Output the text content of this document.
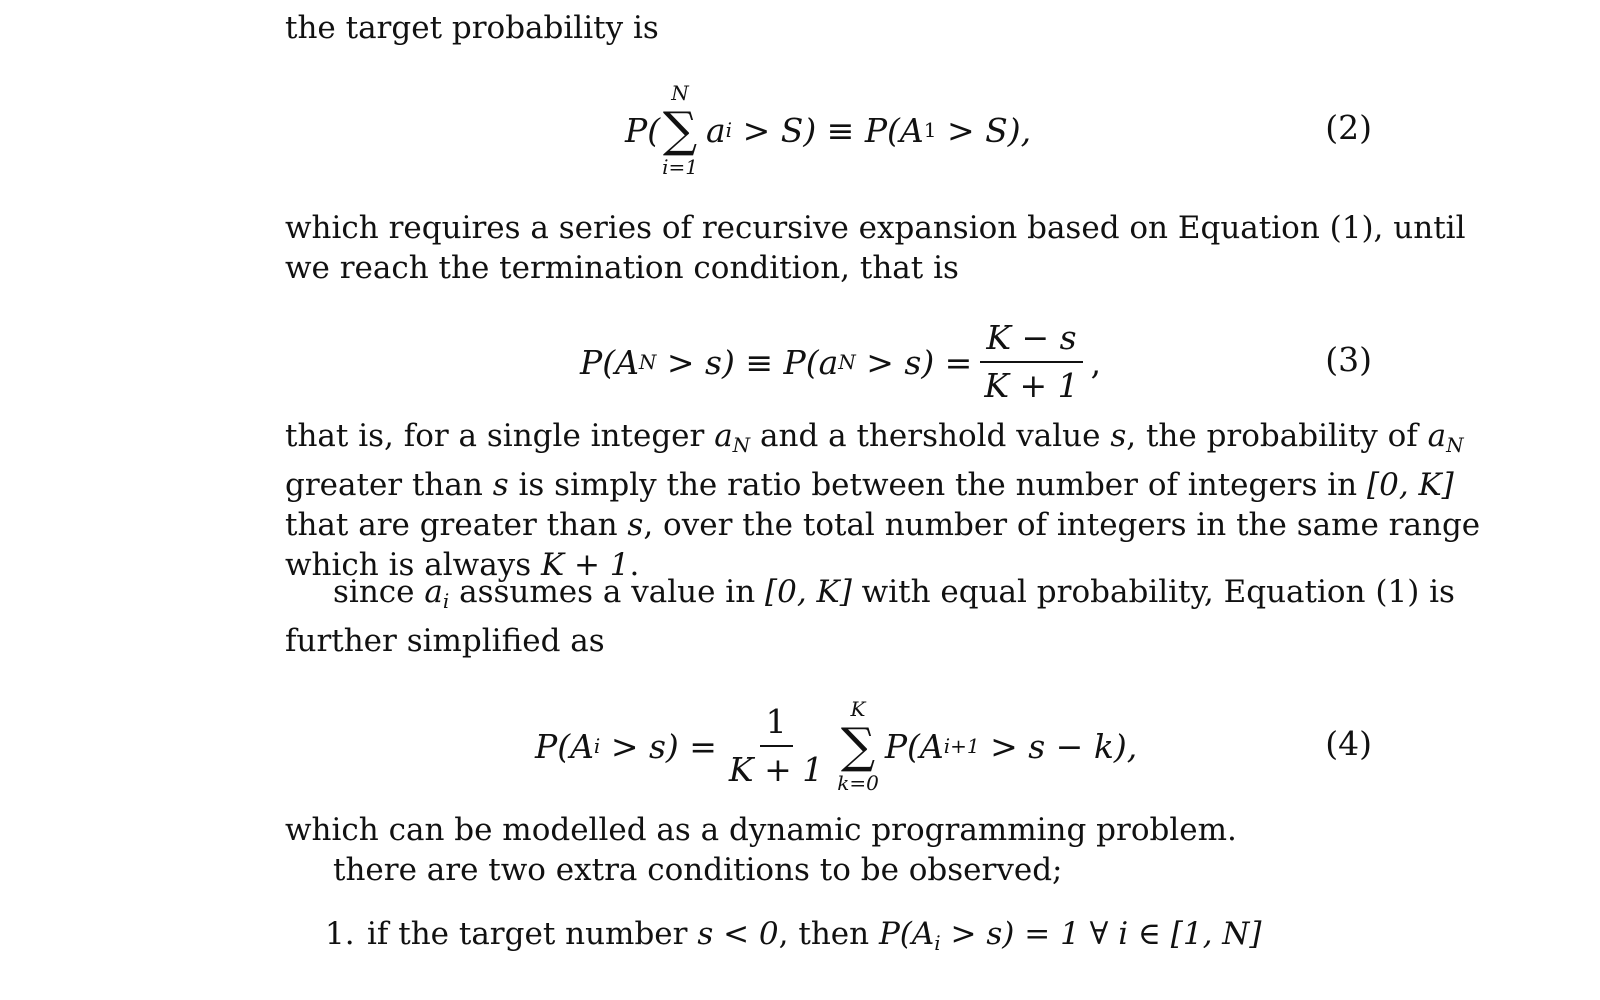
the target probability is

P(
N
∑
i=1
a i > S) ≡ P(A 1 > S),	(2)

which requires a series of recursive expansion based on Equation (1), until
we reach the termination condition, that is

P(A N > s) ≡ P(a $N > s) = \frac{K - s}{K + 1}$ ,	(3)

that is, for a single integer $a_N$ and a thershold value s, the probability of $a_N$
greater than s is simply the ratio between the number of integers in [0, K]
that are greater than s, over the total number of integers in the same range
which is always K + 1.

since $a_i$ assumes a value in [0, K] with equal probability, Equation (1) is
further simplified as

P(A $i > s) = \frac{1}{K + 1}$ K
∑
k=0
P(A i+1 > s − k),	(4)

which can be modelled as a dynamic programming problem.
there are two extra conditions to be observed;

1. if the target number s < 0, then $P(A_i > s) = 1$ ∀ i ∈ [1, N]
